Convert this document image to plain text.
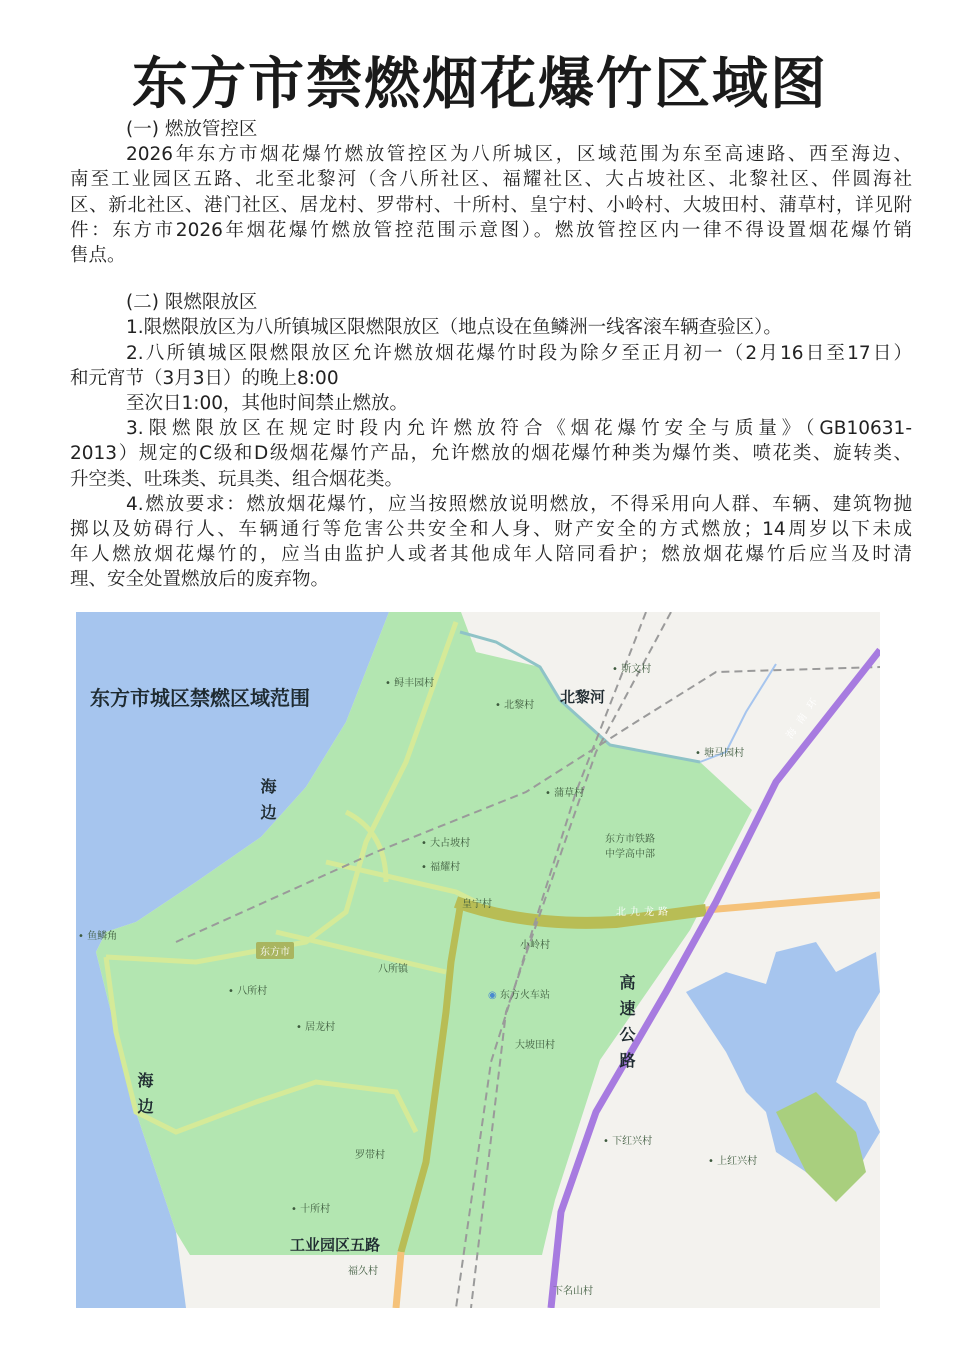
东方市禁燃烟花爆竹区域图
(一) 燃放管控区
2026年东方市烟花爆竹燃放管控区为八所城区，区域范围为东至高速路、西至海边、
南至工业园区五路、北至北黎河（含八所社区、福耀社区、大占坡社区、北黎社区、伴圆海社
区、新北社区、港门社区、居龙村、罗带村、十所村、皇宁村、小岭村、大坡田村、蒲草村，详见附
件：东方市2026年烟花爆竹燃放管控范围示意图）。燃放管控区内一律不得设置烟花爆竹销
售点。
(二) 限燃限放区
1.限燃限放区为八所镇城区限燃限放区（地点设在鱼鳞洲一线客滚车辆查验区）。
2.八所镇城区限燃限放区允许燃放烟花爆竹时段为除夕至正月初一（2月16日至17日）
和元宵节（3月3日）的晚上8:00
至次日1:00，其他时间禁止燃放。
3.限燃限放区在规定时段内允许燃放符合《烟花爆竹安全与质量》（GB10631-
2013）规定的C级和D级烟花爆竹产品，允许燃放的烟花爆竹种类为爆竹类、喷花类、旋转类、
升空类、吐珠类、玩具类、组合烟花类。
4.燃放要求：燃放烟花爆竹，应当按照燃放说明燃放，不得采用向人群、车辆、建筑物抛
掷以及妨碍行人、车辆通行等危害公共安全和人身、财产安全的方式燃放；14周岁以下未成
年人燃放烟花爆竹的，应当由监护人或者其他成年人陪同看护；燃放烟花爆竹后应当及时清
理、安全处置燃放后的废弃物。
东方市城区禁燃区域范围	北黎河
海边
海边
高速公路
工业园区五路
北九龙路
海南环
东方市
◉ 东方火车站
东方市铁路
中学高中部
• 鲟丰园村
• 北黎村
• 斯文村
• 塘马园村
• 蒲草村
• 大占坡村
• 福耀村
皇宁村
小岭村
• 鱼鳞角
八所镇
• 八所村
• 居龙村
大坡田村
罗带村
• 下红兴村
• 上红兴村
• 十所村
福久村
下名山村
